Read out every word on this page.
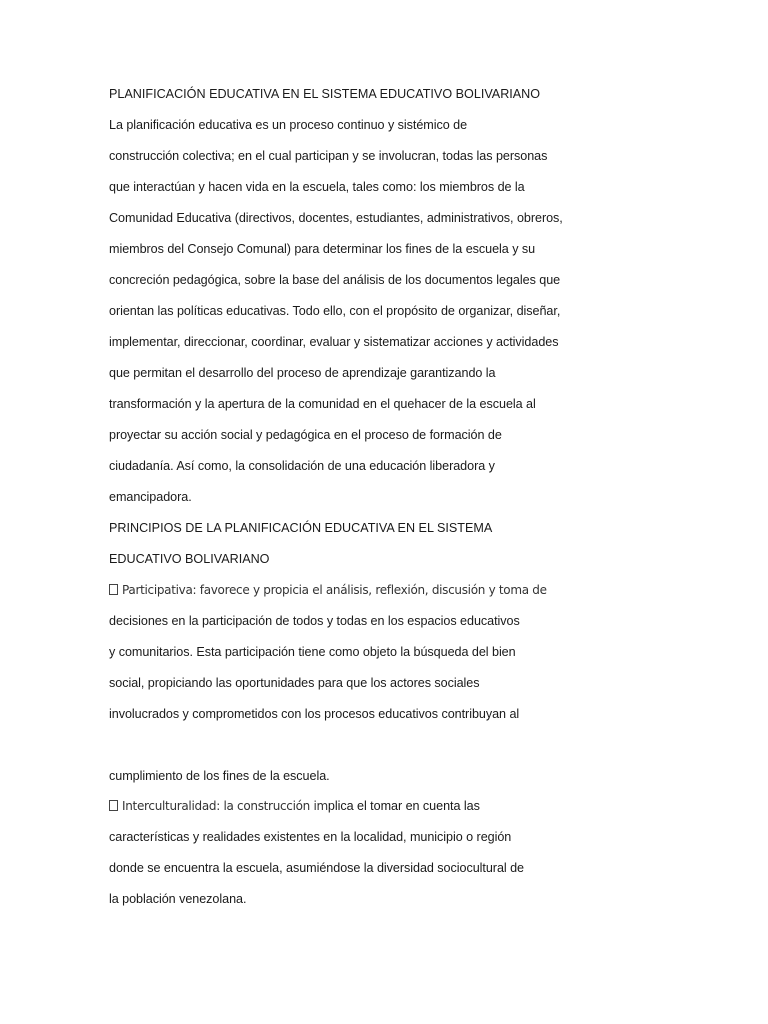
PLANIFICACIÓN EDUCATIVA EN EL SISTEMA EDUCATIVO BOLIVARIANO
La planificación educativa es un proceso continuo y sistémico de
construcción colectiva; en el cual participan y se involucran, todas las personas
que interactúan y hacen vida en la escuela, tales como: los miembros de la
Comunidad Educativa (directivos, docentes, estudiantes, administrativos, obreros,
miembros del Consejo Comunal) para determinar los fines de la escuela y su
concreción pedagógica, sobre la base del análisis de los documentos legales que
orientan las políticas educativas. Todo ello, con el propósito de organizar, diseñar,
implementar, direccionar, coordinar, evaluar y sistematizar acciones y actividades
que permitan el desarrollo del proceso de aprendizaje garantizando la
transformación y la apertura de la comunidad en el quehacer de la escuela al
proyectar su acción social y pedagógica en el proceso de formación de
ciudadanía. Así como, la consolidación de una educación liberadora y
emancipadora.
PRINCIPIOS DE LA PLANIFICACIÓN EDUCATIVA EN EL SISTEMA
EDUCATIVO BOLIVARIANO
Participativa: favorece y propicia el análisis, reflexión, discusión y toma de
decisiones en la participación de todos y todas en los espacios educativos
y comunitarios. Esta participación tiene como objeto la búsqueda del bien
social, propiciando las oportunidades para que los actores sociales
involucrados y comprometidos con los procesos educativos contribuyan al
cumplimiento de los fines de la escuela.
Interculturalidad: la construcción implica el tomar en cuenta las
características y realidades existentes en la localidad, municipio o región
donde se encuentra la escuela, asumiéndose la diversidad sociocultural de
la población venezolana.
